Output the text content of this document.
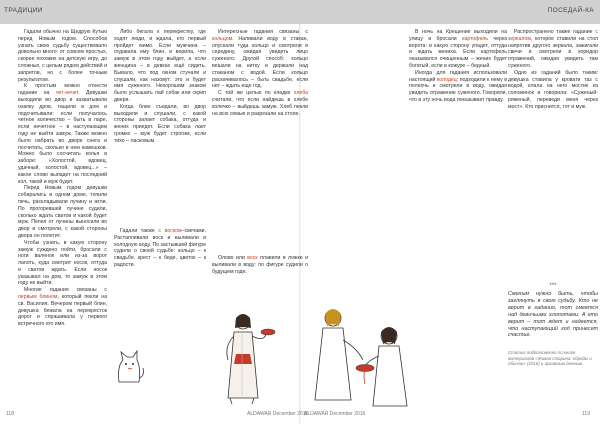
ТРАДИЦИИ	ПОСЕДАЙ-КА

Гадали обычно на Щедрую Кутью перед Новым годом. Способов узнать свою судьбу существовало довольно много: от совсем простых, скорее похожих на детскую игру, до сложных, с целым рядом действий и запретов, но с более точным результатом.

К простым можно отнести гадание на чет-нечет. Девушки выходили во двор и захватывали охапку дров, тащили в дом и подсчитывали: если получалось четное количество – быть в паре, если нечетное – в наступающем году не выйти замуж. Также можно было набрать во дворе снега и посчитать, сколько в нем камешков. Можно было сосчитать колья в заборе: «Холостой, вдовец, удачный, холостой, вдовец...» – какое слово выпадет на последний кол, такой и муж будет.

Перед Новым годом девушки собирались в одном доме, топили печь, раскладывали лучину и жгли. По прогоревшей лучине судили, сколько ждать сватов и какой будет муж. Пепел от лучины выносили во двор и смотрели, с какой стороны двора он полетит.

Чтобы узнать, в какую сторону замуж суждено пойти, бросали с ноги валенок или из-за ворот лапоть, куда смотрит носок, оттуда и сватов ждать. Если носок указывал на дом, то замуж в этом году не выйти.

Многие гадания связаны с первым блином, который пекли на св. Василия. Вечером первый блин, девушка бежала на перекресток дорог и спрашивала у первого встречного его имя.

Либо бегала к перекрестку, где ходят люди, и ждала, кто первый пройдет мимо. Если мужчина – отдавала ему блин, и верила, что замуж в этом году выйдет, а если женщина – в девках ещё сидеть. Бывало, что под окном стучали и слушали, как назовут: это и будет имя суженого. Нехорошим знаком было услышать лай собак или скрип двери.

Когда блин съедали, во двор выходили и слушали, с какой стороны залает собака, оттуда и жених приедет. Если собака лает громко – муж будет строгим, если тихо – ласковым.

Гадали также с воском–свечами. Растапливали воск и выливали в холодную воду. По застывшей фигуре судили о своей судьбе: кольцо – к свадьбе, крест – к беде, цветок – к радости.

Интересные гадания связаны с кольцом. Наливали воду в стакан, опускали туда кольцо и смотрели в середину, ожидая увидеть лицо суженого. Другой способ: кольцо вешали на нитку и держали над стаканом с водой. Если кольцо раскачивалось – быть свадьбе, если нет – ждать еще год.

С той же целью по кладке хлеба считали, что если найдешь в хлебе колечко – выйдешь замуж. Хлеб пекли на всю семью и разрезали на столе.

Олово или воск плавили в ложке и выливали в воду: по фигуре судили о будущем годе.

В ночь на Крещение выходили на улицу и бросали картофель через ворота: в какую сторону упадет, оттуда и ждать жениха. Если картофель оказывался очищенным – жених будет богатый, если в кожуре – бедный.

Иногда для гадания использовали настоящий колодец: подходили к нему в полночь и смотрели в воду, ожидая увидеть отражение суженого. Говорили, что в эту ночь вода показывает правду.

Распространено также гадание с зеркалом, которое ставили на стол напротив другого зеркала, зажигали свечи и смотрели в коридор отражений, ожидая увидеть там суженого.

Одно из гаданий было таким: девушка ставила у кровати таз с водой, клала на него мостик из соломинок и говорила: «Суженый-ряженый, переведи меня через мост». Кто приснится, тот и муж.

***
Смелым нужно быть, чтобы заглянуть в свою судьбу. Кто не верит в гадания, тот смеется над девичьими хлопотами. А кто верит – тот ждет и надеется, что наступающий год принесет счастье.
Статья подготовлена по книге материалов «Живая старина: обряды и обычаи» (2016) и архивным данным.
118	ALDAWAR December 2016
ALDAWAR December 2016	119
